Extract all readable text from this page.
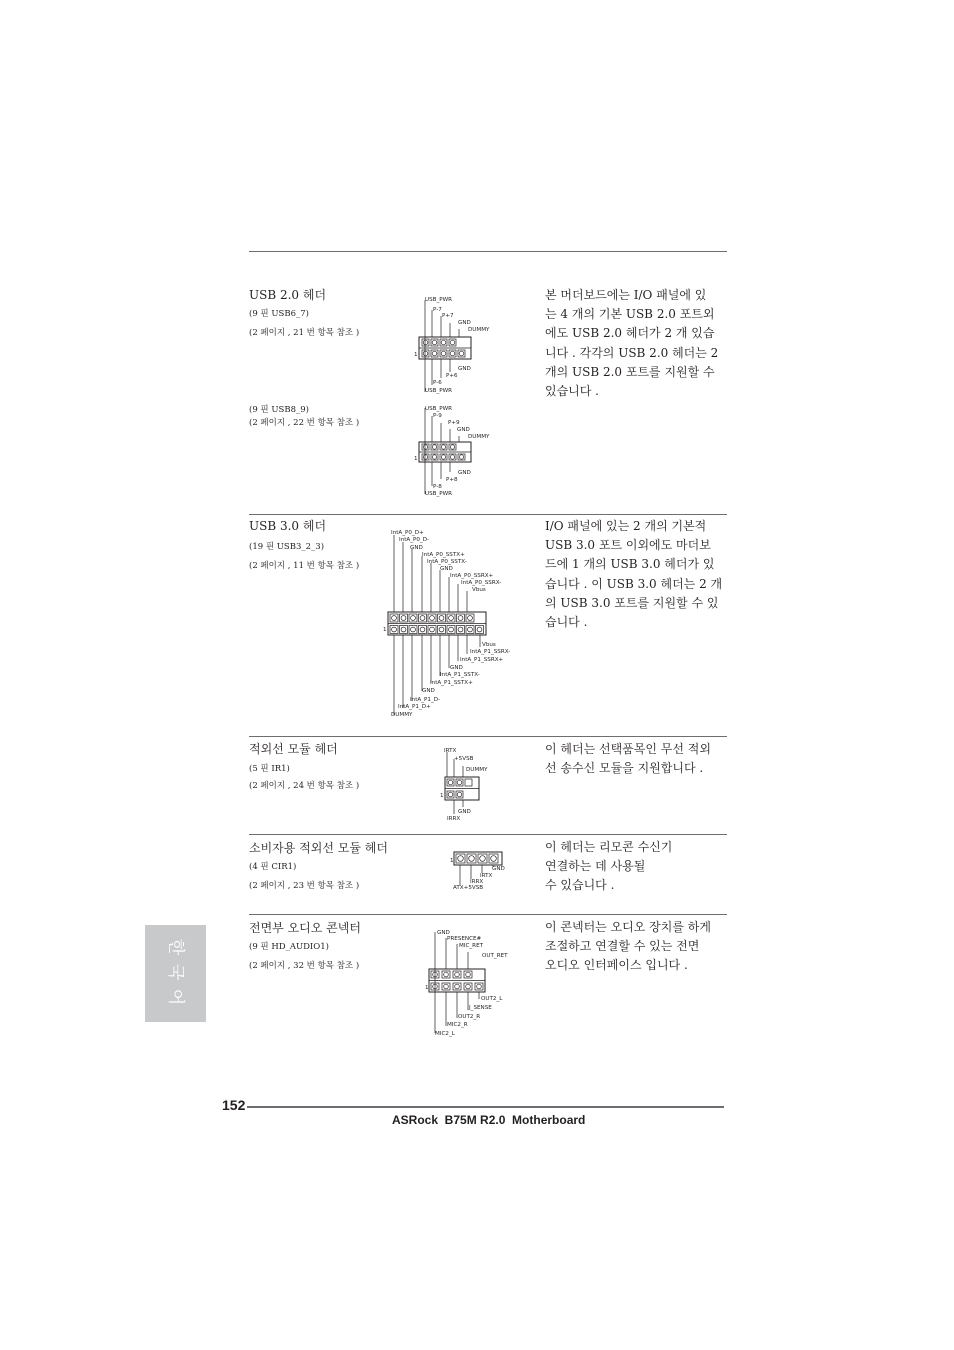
USB 2.0 헤더
(9 핀 USB6_7)
(2 페이지 , 21 번 항목 참조 )
(9 핀 USB8_9)
(2 페이지 , 22 번 항목 참조 )
본 머더보드에는 I/O 패널에 있
는 4 개의 기본 USB 2.0 포트외
에도 USB 2.0 헤더가 2 개 있습
니다 . 각각의 USB 2.0 헤더는 2
개의 USB 2.0 포트를 지원할 수
있습니다 .
USB_PWR
P-7
P+7
GND
DUMMY
GND
P+6
P-6
USB_PWR
1
USB_PWR
P-9
P+9
GND
DUMMY
GND
P+8
P-8
USB_PWR
1
USB 3.0 헤더
(19 핀 USB3_2_3)
(2 페이지 , 11 번 항목 참조 )
I/O 패널에 있는 2 개의 기본적
USB 3.0 포트 이외에도 마더보
드에 1 개의 USB 3.0 헤더가 있
습니다 . 이 USB 3.0 헤더는 2 개
의 USB 3.0 포트를 지원할 수 있
습니다 .
IntA_P0_D+
IntA_P0_D-
GND
IntA_P0_SSTX+
IntA_P0_SSTX-
GND
IntA_P0_SSRX+
IntA_P0_SSRX-
Vbus
Vbus
IntA_P1_SSRX-
IntA_P1_SSRX+
GND
IntA_P1_SSTX-
IntA_P1_SSTX+
GND
IntA_P1_D-
IntA_P1_D+
DUMMY
1
적외선 모듈 헤더
(5 핀 IR1)
(2 페이지 , 24 번 항목 참조 )
이 헤더는 선택품목인 무선 적외
선 송수신 모듈을 지원합니다 .
IRTX
+5VSB
DUMMY
GND
IRRX
1
소비자용 적외선 모듈 헤더
(4 핀 CIR1)
(2 페이지 , 23 번 항목 참조 )
이 헤더는 리모콘 수신기
연결하는 데 사용될
수 있습니다 .
GND
IRTX
IRRX
ATX+5VSB
1
전면부 오디오 콘넥터
(9 핀 HD_AUDIO1)
(2 페이지 , 32 번 항목 참조 )
이 콘넥터는 오디오 장치를 하게
조절하고 연결할 수 있는 전면
오디오 인터페이스 입니다 .
GND
PRESENCE#
MIC_RET
OUT_RET
OUT2_L
J_SENSE
OUT2_R
MIC2_R
MIC2_L
1
한
국
어
152
ASRock  B75M R2.0  Motherboard
